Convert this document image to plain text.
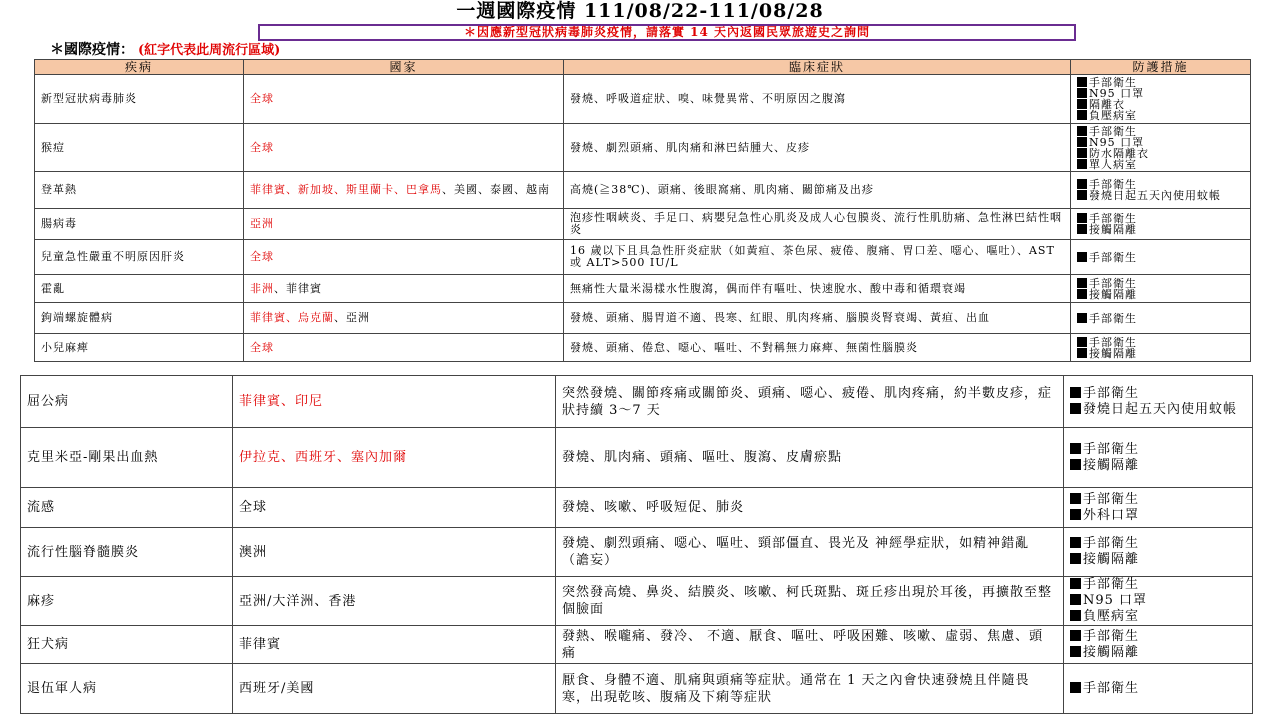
一週國際疫情 111/08/22-111/08/28
＊因應新型冠狀病毒肺炎疫情，請落實 14 天內返國民眾旅遊史之詢問
＊國際疫情： (紅字代表此周流行區域)
疾病	國家	臨床症狀	防護措施
新型冠狀病毒肺炎	全球	發燒、呼吸道症狀、嗅、味覺異常、不明原因之腹瀉	手部衛生
N95 口罩
隔離衣
負壓病室

猴痘	全球	發燒、劇烈頭痛、肌肉痛和淋巴結腫大、皮疹	手部衛生
N95 口罩
防水隔離衣
單人病室

登革熱	菲律賓、新加坡、斯里蘭卡、巴拿馬、美國、泰國、越南	高燒(≧38℃)、頭痛、後眼窩痛、肌肉痛、關節痛及出疹	手部衛生
發燒日起五天內使用蚊帳

腸病毒	亞洲	泡疹性咽峽炎、手足口、病嬰兒急性心肌炎及成人心包膜炎、流行性肌肋痛、急性淋巴結性咽炎	手部衛生
接觸隔離

兒童急性嚴重不明原因肝炎	全球	16 歲以下且具急性肝炎症狀（如黃疸、茶色尿、疲倦、腹痛、胃口差、噁心、嘔吐）、AST 或 ALT>500 IU/L	手部衛生

霍亂	非洲、菲律賓	無痛性大量米湯樣水性腹瀉，偶而伴有嘔吐、快速脫水、酸中毒和循環衰竭	手部衛生
接觸隔離

鉤端螺旋體病	菲律賓、烏克蘭、亞洲	發燒、頭痛、腸胃道不適、畏寒、紅眼、肌肉疼痛、腦膜炎腎衰竭、黃疸、出血	手部衛生

小兒麻痺	全球	發燒、頭痛、倦怠、噁心、嘔吐、不對稱無力麻痺、無菌性腦膜炎	手部衛生
接觸隔離
屈公病	菲律賓、印尼	突然發燒、關節疼痛或關節炎、頭痛、噁心、疲倦、肌肉疼痛，約半數皮疹，症狀持續 3～7 天	手部衛生
發燒日起五天內使用蚊帳

克里米亞-剛果出血熱	伊拉克、西班牙、塞內加爾	發燒、肌肉痛、頭痛、嘔吐、腹瀉、皮膚瘀點	手部衛生
接觸隔離

流感	全球	發燒、咳嗽、呼吸短促、肺炎	手部衛生
外科口罩

流行性腦脊髓膜炎	澳洲	發燒、劇烈頭痛、噁心、嘔吐、頸部僵直、畏光及 神經學症狀，如精神錯亂（譫妄）	手部衛生
接觸隔離

麻疹	亞洲/大洋洲、香港	突然發高燒、鼻炎、結膜炎、咳嗽、柯氏斑點、斑丘疹出現於耳後，再擴散至整個臉面	手部衛生
N95 口罩
負壓病室

狂犬病	菲律賓	發熱、喉嚨痛、發冷、 不適、厭食、嘔吐、呼吸困難、咳嗽、虛弱、焦慮、頭痛	手部衛生
接觸隔離

退伍軍人病	西班牙/美國	厭食、身體不適、肌痛與頭痛等症狀。通常在 1 天之內會快速發燒且伴隨畏寒，出現乾咳、腹痛及下痢等症狀	手部衛生
